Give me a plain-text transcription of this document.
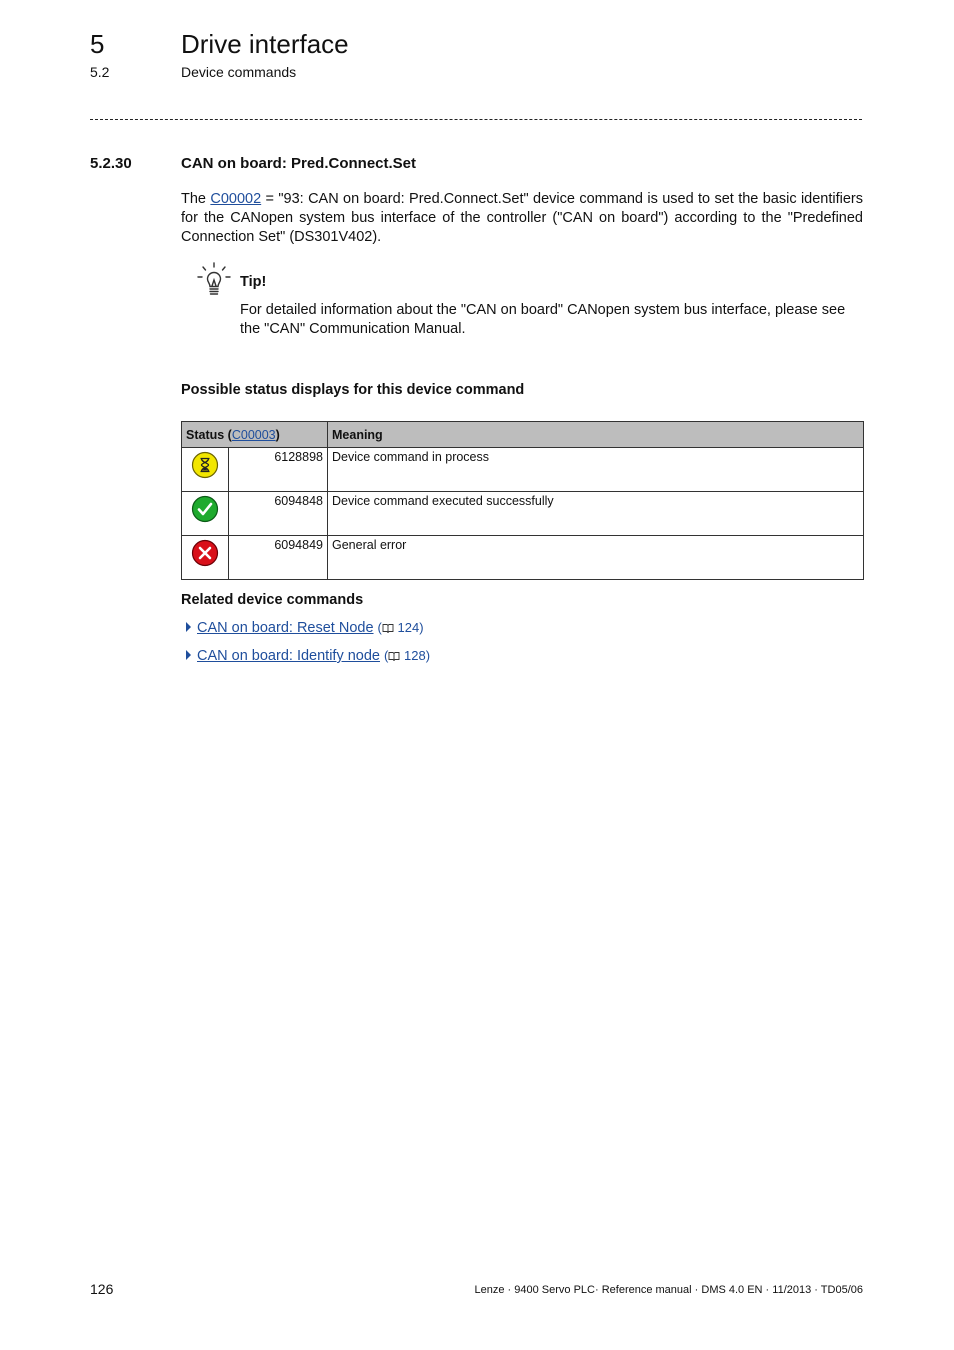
5	Drive interface
5.2	Device commands
5.2.30	CAN on board: Pred.Connect.Set
The C00002 = "93: CAN on board: Pred.Connect.Set" device command is used to set the basic identifiers for the CANopen system bus interface of the controller ("CAN on board") according to the "Predefined Connection Set" (DS301V402).
Tip!
For detailed information about the "CAN on board" CANopen system bus interface, please see the "CAN" Communication Manual.
Possible status displays for this device command
Status (C00003)		Meaning
	6128898	Device command in process
	6094848	Device command executed successfully
	6094849	General error
Related device commands
CAN on board: Reset Node ( 124)
CAN on board: Identify node ( 128)
126	Lenze · 9400 Servo PLC· Reference manual · DMS 4.0 EN · 11/2013 · TD05/06
